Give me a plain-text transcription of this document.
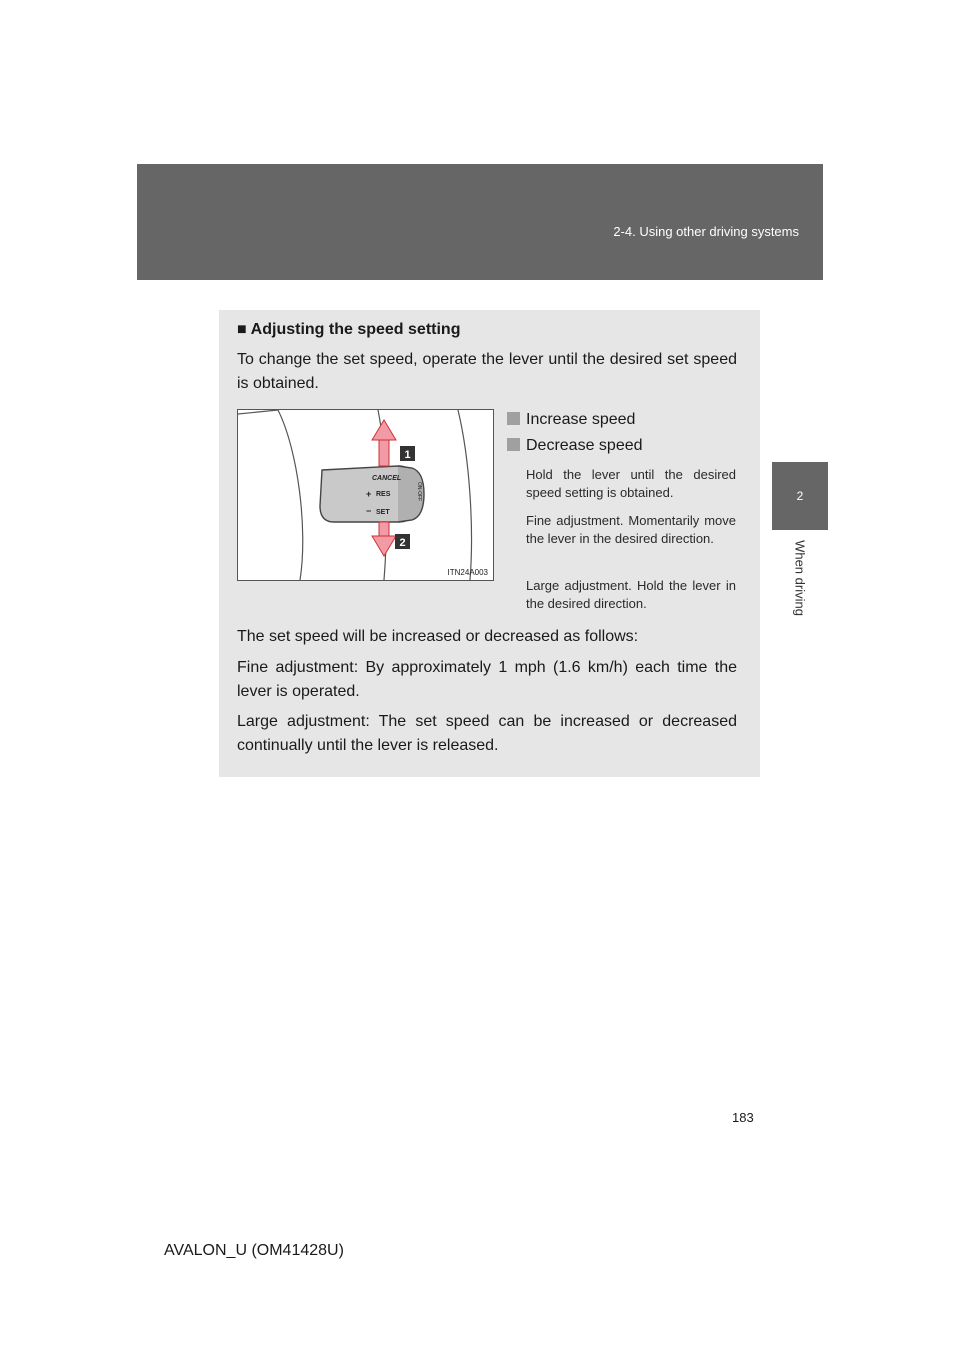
2-4. Using other driving systems
2
When driving
■ Adjusting the speed setting

To change the set speed, operate the lever until the desired set speed is obtained.

CANCEL
+ RES
− SET
ON·OFF
1
2
ITN24A003
Increase speed
Decrease speed

Hold the lever until the desired speed setting is obtained.

Fine adjustment. Momentarily move the lever in the desired direction.

Large adjustment. Hold the lever in the desired direction.

The set speed will be increased or decreased as follows:

Fine adjustment: By approximately 1 mph (1.6 km/h) each time the lever is operated.

Large adjustment: The set speed can be increased or decreased continually until the lever is released.

183
AVALON_U (OM41428U)
